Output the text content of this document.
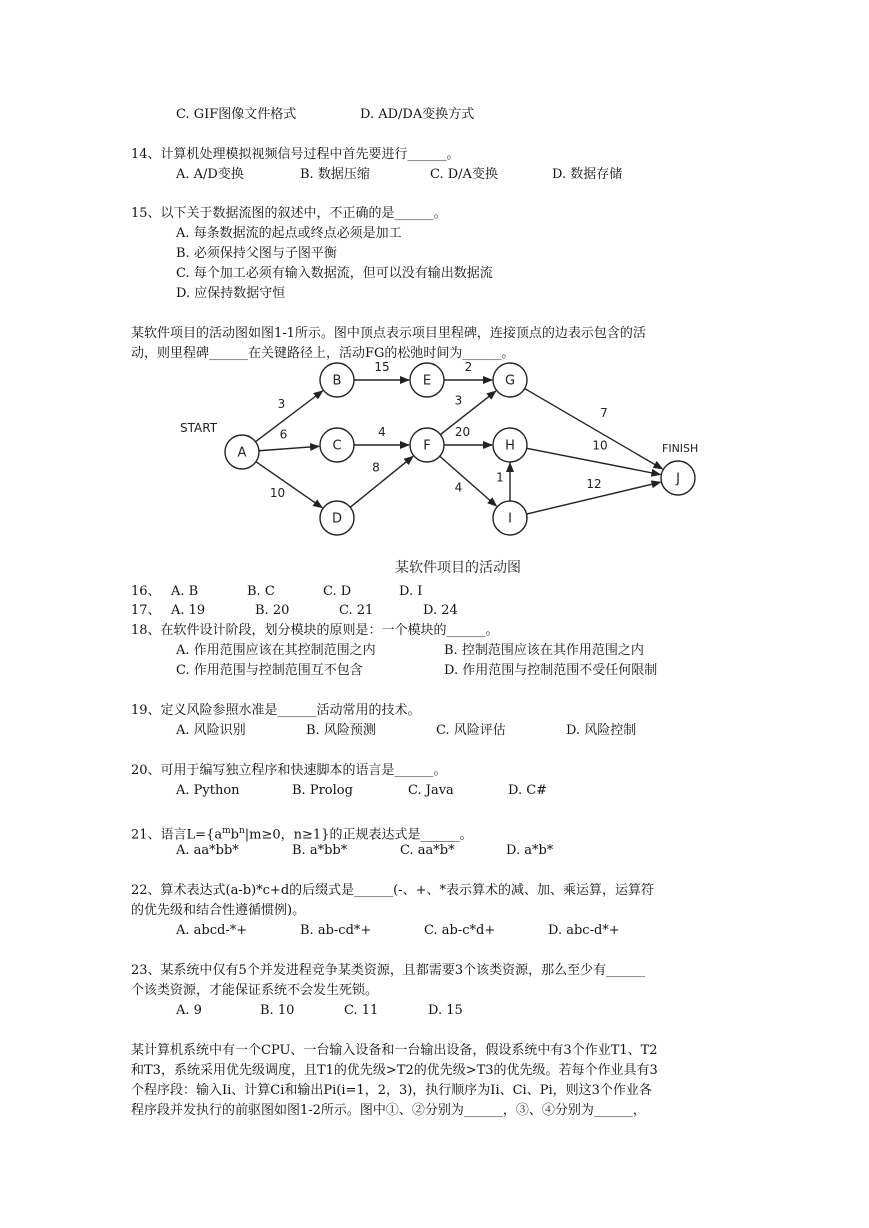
C. GIF图像文件格式	D. AD/DA变换方式
14、计算机处理模拟视频信号过程中首先要进行______。
A. A/D变换	B. 数据压缩	C. D/A变换	D. 数据存储
15、以下关于数据流图的叙述中，不正确的是______。
A. 每条数据流的起点或终点必须是加工
B. 必须保持父图与子图平衡
C. 每个加工必须有输入数据流，但可以没有输出数据流
D. 应保持数据守恒
某软件项目的活动图如图1-1所示。图中顶点表示项目里程碑，连接顶点的边表示包含的活
动，则里程碑______在关键路径上，活动FG的松弛时间为______。
3
6
10
15
4
8
2
3
20
4
1
7
10
12
A
B
C
D
E
F
G
H
I
J
START
FINISH
某软件项目的活动图
16、 A. B	B. C	C. D	D. I
17、 A. 19	B. 20	C. 21	D. 24
18、在软件设计阶段，划分模块的原则是：一个模块的______。
A. 作用范围应该在其控制范围之内	B. 控制范围应该在其作用范围之内
C. 作用范围与控制范围互不包含	D. 作用范围与控制范围不受任何限制
19、定义风险参照水准是______活动常用的技术。
A. 风险识别	B. 风险预测	C. 风险评估	D. 风险控制
20、可用于编写独立程序和快速脚本的语言是______。
A. Python	B. Prolog	C. Java	D. C#
21、语言$L=\{a^mb^n|m\ge 0$，n≥1}的正规表达式是______。
A. aa*bb*	B. a*bb*	C. aa*b*	D. a*b*
22、算术表达式(a-b)*c+d的后缀式是______(-、+、*表示算术的减、加、乘运算，运算符
的优先级和结合性遵循惯例)。
A. abcd-*+	B. ab-cd*+	C. ab-c*d+	D. abc-d*+
23、某系统中仅有5个并发进程竞争某类资源，且都需要3个该类资源，那么至少有______
个该类资源，才能保证系统不会发生死锁。
A. 9	B. 10	C. 11	D. 15
某计算机系统中有一个CPU、一台输入设备和一台输出设备，假设系统中有3个作业T1、T2
和T3，系统采用优先级调度，且T1的优先级>T2的优先级>T3的优先级。若每个作业具有3
个程序段：输入Ii、计算Ci和输出Pi(i=1，2，3)，执行顺序为Ii、Ci、Pi，则这3个作业各
程序段并发执行的前驱图如图1-2所示。图中①、②分别为______，③、④分别为______，
